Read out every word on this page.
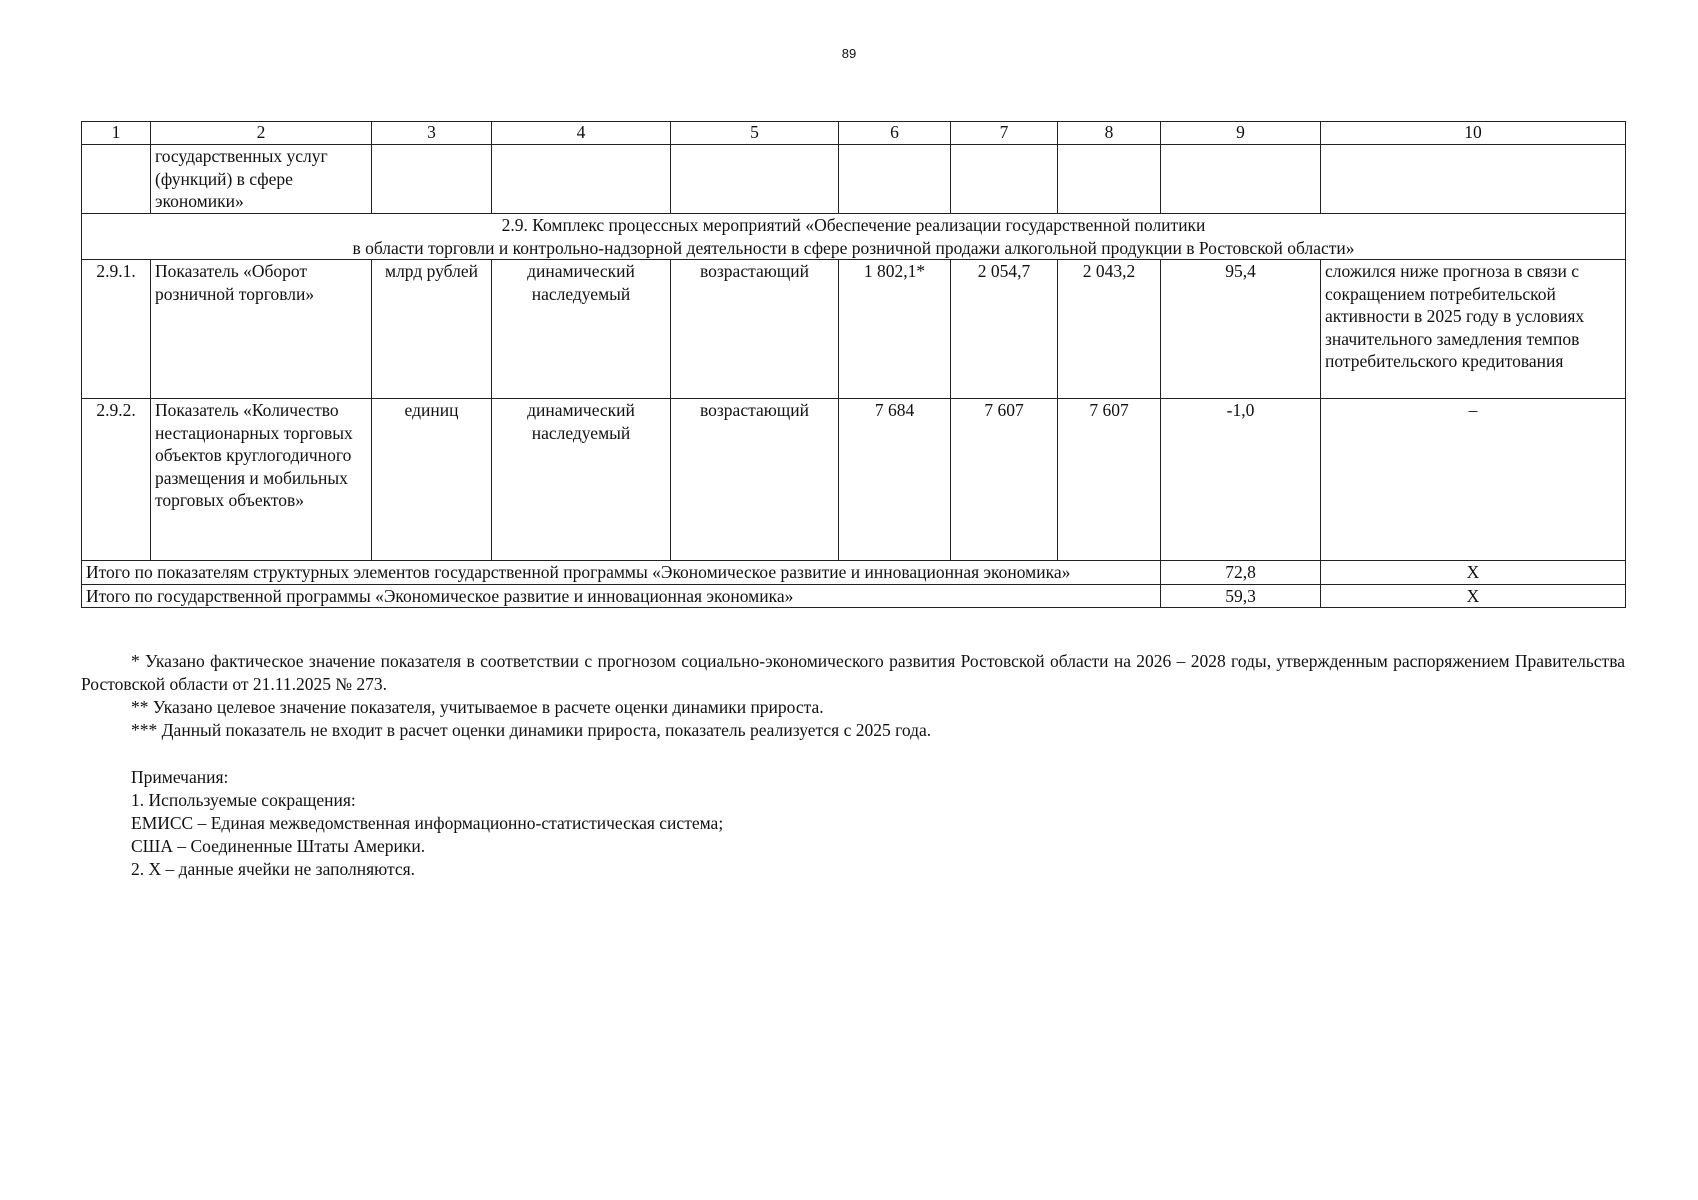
89
1	2	3	4	5	6	7	8	9	10
	государственных услуг (функций) в сфере экономики»								

2.9. Комплекс процессных мероприятий «Обеспечение реализации государственной политики
в области торговли и контрольно-надзорной деятельности в сфере розничной продажи алкогольной продукции в Ростовской области»									

2.9.1.	Показатель «Оборот розничной торговли»	млрд рублей	динамический наследуемый	возрастающий	1 802,1*	2 054,7	2 043,2	95,4	сложился ниже прогноза в связи с сокращением потребительской активности в 2025 году в условиях значительного замедления темпов потребительского кредитования
2.9.2.	Показатель «Количество нестационарных торговых объектов круглогодичного размещения и мобильных торговых объектов»	единиц	динамический наследуемый	возрастающий	7 684	7 607	7 607	-1,0	–
Итого по показателям структурных элементов государственной программы «Экономическое развитие и инновационная экономика»								72,8	Х
Итого по государственной программы «Экономическое развитие и инновационная экономика»								59,3	Х

* Указано фактическое значение показателя в соответствии с прогнозом социально-экономического развития Ростовской области на 2026 – 2028 годы, утвержденным распоряжением Правительства Ростовской области от 21.11.2025 № 273.

** Указано целевое значение показателя, учитываемое в расчете оценки динамики прироста.

*** Данный показатель не входит в расчет оценки динамики прироста, показатель реализуется с 2025 года.

Примечания:

1. Используемые сокращения:

ЕМИСС – Единая межведомственная информационно-статистическая система;

США – Соединенные Штаты Америки.

2. Х – данные ячейки не заполняются.
